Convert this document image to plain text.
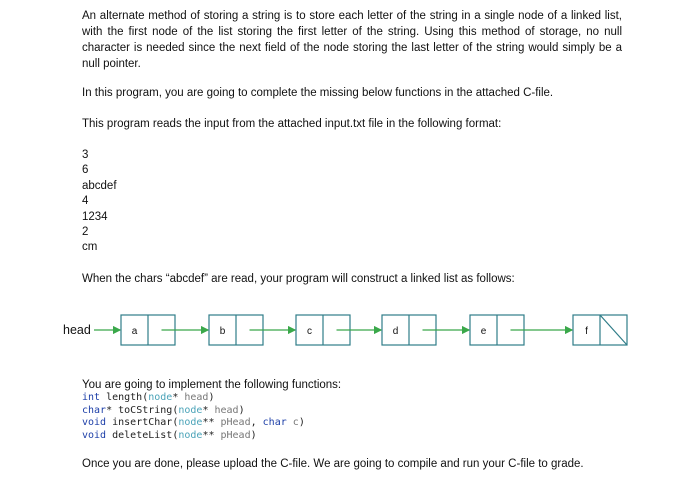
An alternate method of storing a string is to store each letter of the string in a single node of a linked list, with the first node of the list storing the first letter of the string. Using this method of storage, no null character is needed since the next field of the node storing the last letter of the string would simply be a null pointer.
In this program, you are going to complete the missing below functions in the attached C-file.
This program reads the input from the attached input.txt file in the following format:
3
6
abcdef
4
1234
2
cm
When the chars “abcdef” are read, your program will construct a linked list as follows:
head	a	b	c	d	e	f
You are going to implement the following functions:
int length(node* head)
char* toCString(node* head)
void insertChar(node** pHead, char c)
void deleteList(node** pHead)
Once you are done, please upload the C-file. We are going to compile and run your C-file to grade.
